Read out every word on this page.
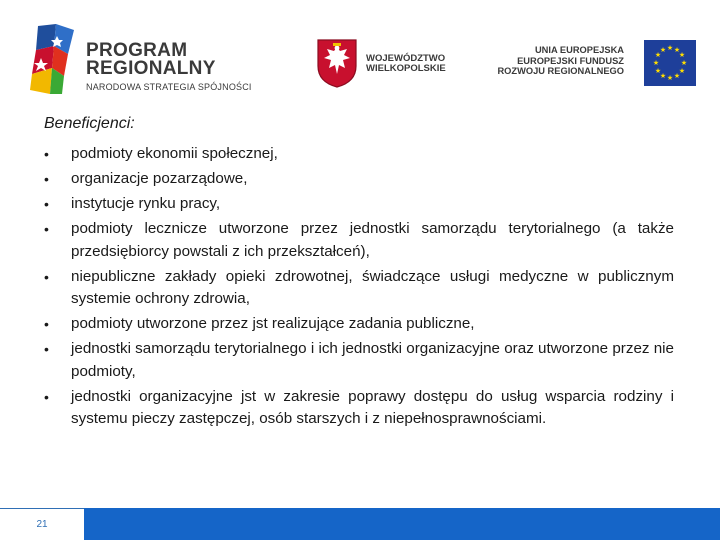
PROGRAM
REGIONALNY
NARODOWA STRATEGIA SPÓJNOŚCI
WOJEWÓDZTWO
WIELKOPOLSKIE
UNIA EUROPEJSKA
EUROPEJSKI FUNDUSZ
ROZWOJU REGIONALNEGO
★ ★
★
★
★
★
★
★
★
★
★
★
Beneficjenci:
•	podmioty ekonomii społecznej,
•	organizacje pozarządowe,
•	instytucje rynku pracy,
•	podmioty lecznicze utworzone przez jednostki samorządu terytorialnego (a także przedsiębiorcy powstali z ich przekształceń),
•	niepubliczne zakłady opieki zdrowotnej, świadczące usługi medyczne w publicznym systemie ochrony zdrowia,
•	podmioty utworzone przez jst realizujące zadania publiczne,
•	jednostki samorządu terytorialnego i ich jednostki organizacyjne oraz utworzone przez nie podmioty,
•	jednostki organizacyjne jst w zakresie poprawy dostępu do usług wsparcia rodziny i systemu pieczy zastępczej, osób starszych i z niepełnosprawnościami.
21
